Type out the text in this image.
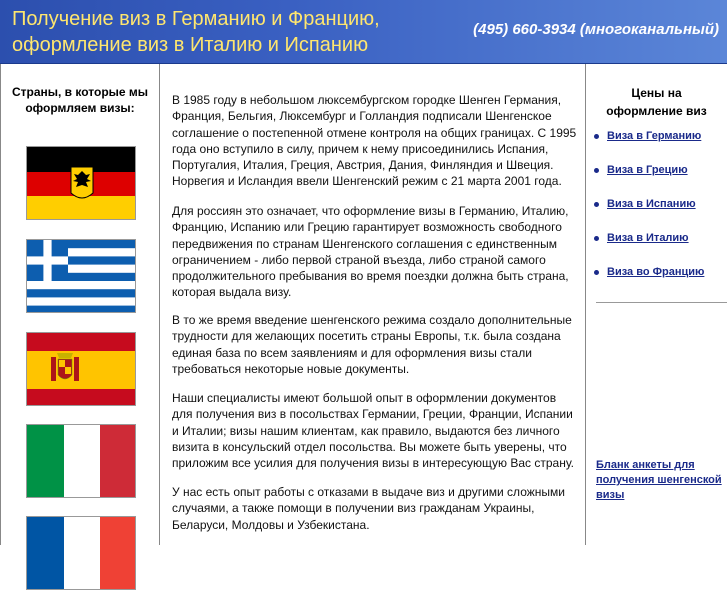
Получение виз в Германию и Францию,
оформление виз в Италию и Испанию
(495) 660-3934 (многоканальный)
Страны, в которые мы
оформляем визы:

В 1985 году в небольшом люксембургском городке Шенген Германия, Франция, Бельгия, Люксембург и Голландия подписали Шенгенское соглашение о постепенной отмене контроля на общих границах. С 1995 года оно вступило в силу, причем к нему присоединились Испания, Португалия, Италия, Греция, Австрия, Дания, Финляндия и Швеция. Норвегия и Исландия ввели Шенгенский режим с 21 марта 2001 года.

Для россиян это означает, что оформление визы в Германию, Италию, Францию, Испанию или Грецию гарантирует возможность свободного передвижения по странам Шенгенского соглашения с единственным ограничением - либо первой страной въезда, либо страной самого продолжительного пребывания во время поездки должна быть страна, которая выдала визу.

В то же время введение шенгенского режима создало дополнительные трудности для желающих посетить страны Европы, т.к. была создана единая база по всем заявлениям и для оформления визы стали требоваться некоторые новые документы.

Наши специалисты имеют большой опыт в оформлении документов для получения виз в посольствах Германии, Греции, Франции, Испании и Италии; визы нашим клиентам, как правило, выдаются без личного визита в консульский отдел посольства. Вы можете быть уверены, что приложим все усилия для получения визы в интересующую Вас страну.

У нас есть опыт работы с отказами в выдаче виз и другими сложными случаями, а также помощи в получении виз гражданам Украины, Беларуси, Молдовы и Узбекистана.

Цены на
оформление виз
Виза в Германию
Виза в Грецию
Виза в Испанию
Виза в Италию
Виза во Францию
Бланк анкеты для получения шенгенской визы
